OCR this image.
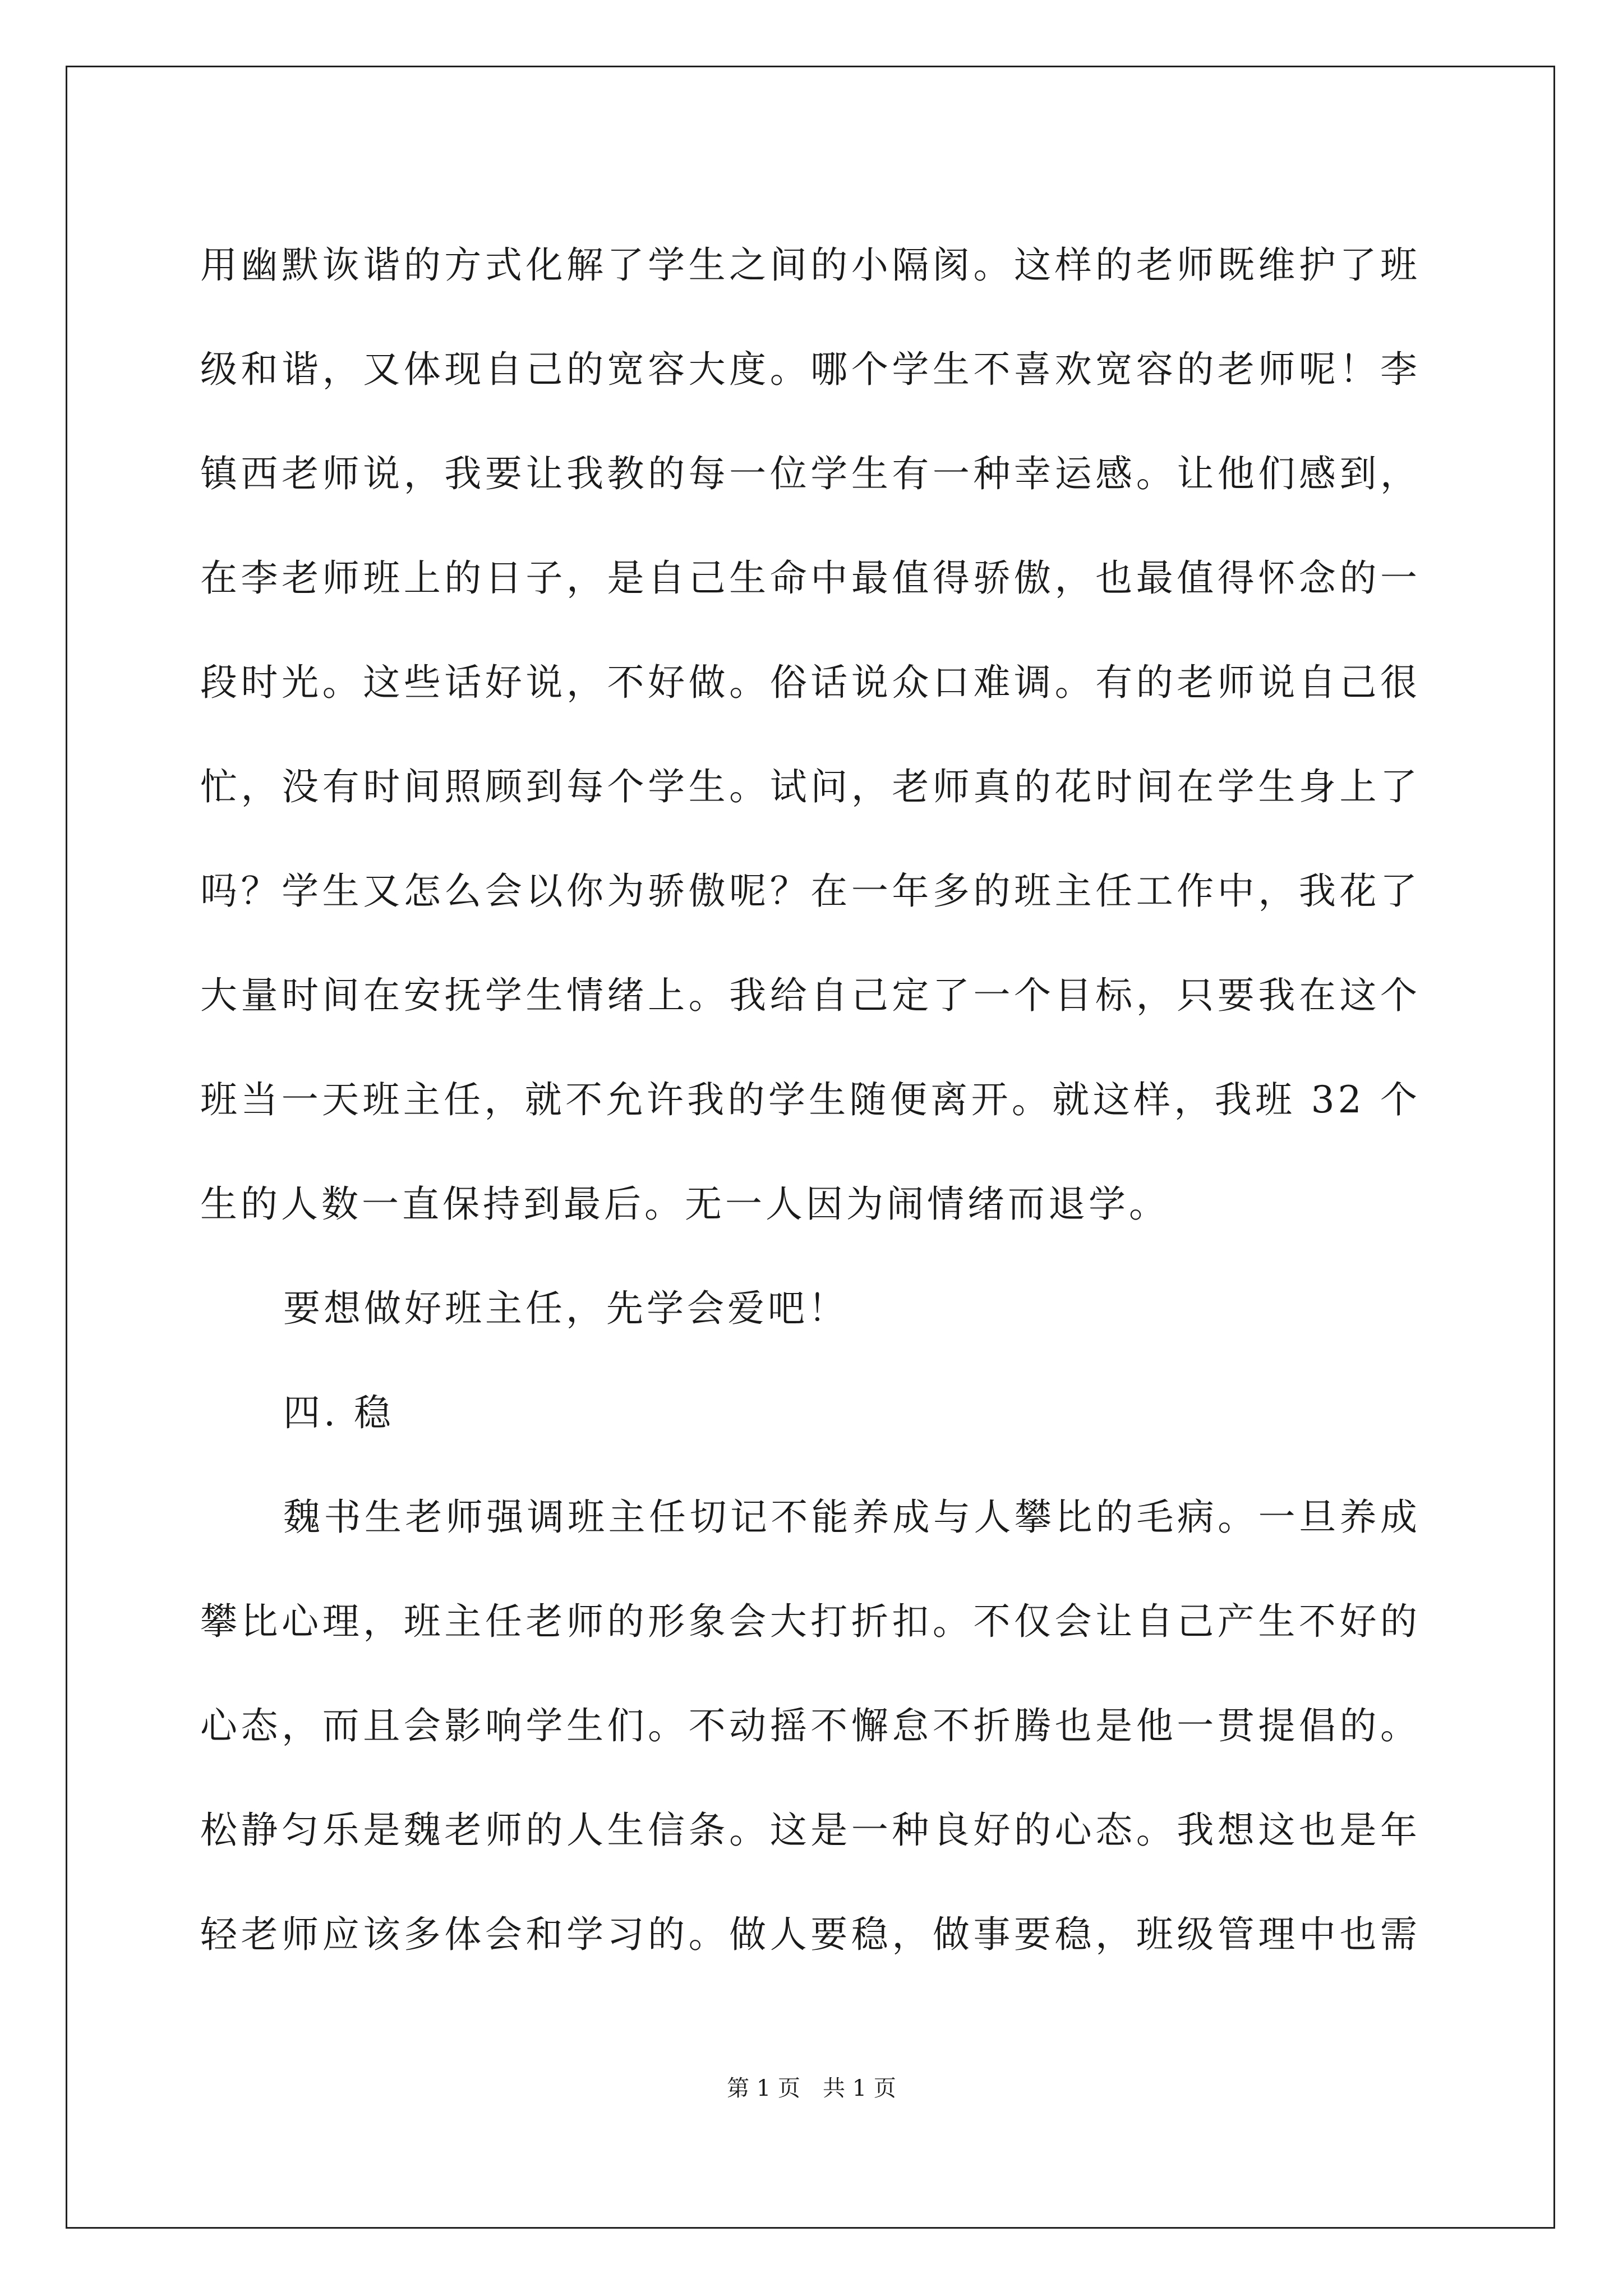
用幽默诙谐的方式化解了学生之间的小隔阂。这样的老师既维护了班
级和谐，又体现自己的宽容大度。哪个学生不喜欢宽容的老师呢！李
镇西老师说，我要让我教的每一位学生有一种幸运感。让他们感到，
在李老师班上的日子，是自己生命中最值得骄傲，也最值得怀念的一
段时光。这些话好说，不好做。俗话说众口难调。有的老师说自己很
忙，没有时间照顾到每个学生。试问，老师真的花时间在学生身上了
吗？学生又怎么会以你为骄傲呢？在一年多的班主任工作中，我花了
大量时间在安抚学生情绪上。我给自己定了一个目标，只要我在这个
班当一天班主任，就不允许我的学生随便离开。就这样，我班 32 个
生的人数一直保持到最后。无一人因为闹情绪而退学。
要想做好班主任，先学会爱吧！
四. 稳
魏书生老师强调班主任切记不能养成与人攀比的毛病。一旦养成
攀比心理，班主任老师的形象会大打折扣。不仅会让自己产生不好的
心态，而且会影响学生们。不动摇不懈怠不折腾也是他一贯提倡的。
松静匀乐是魏老师的人生信条。这是一种良好的心态。我想这也是年
轻老师应该多体会和学习的。做人要稳，做事要稳，班级管理中也需
第 1 页 共 1 页
